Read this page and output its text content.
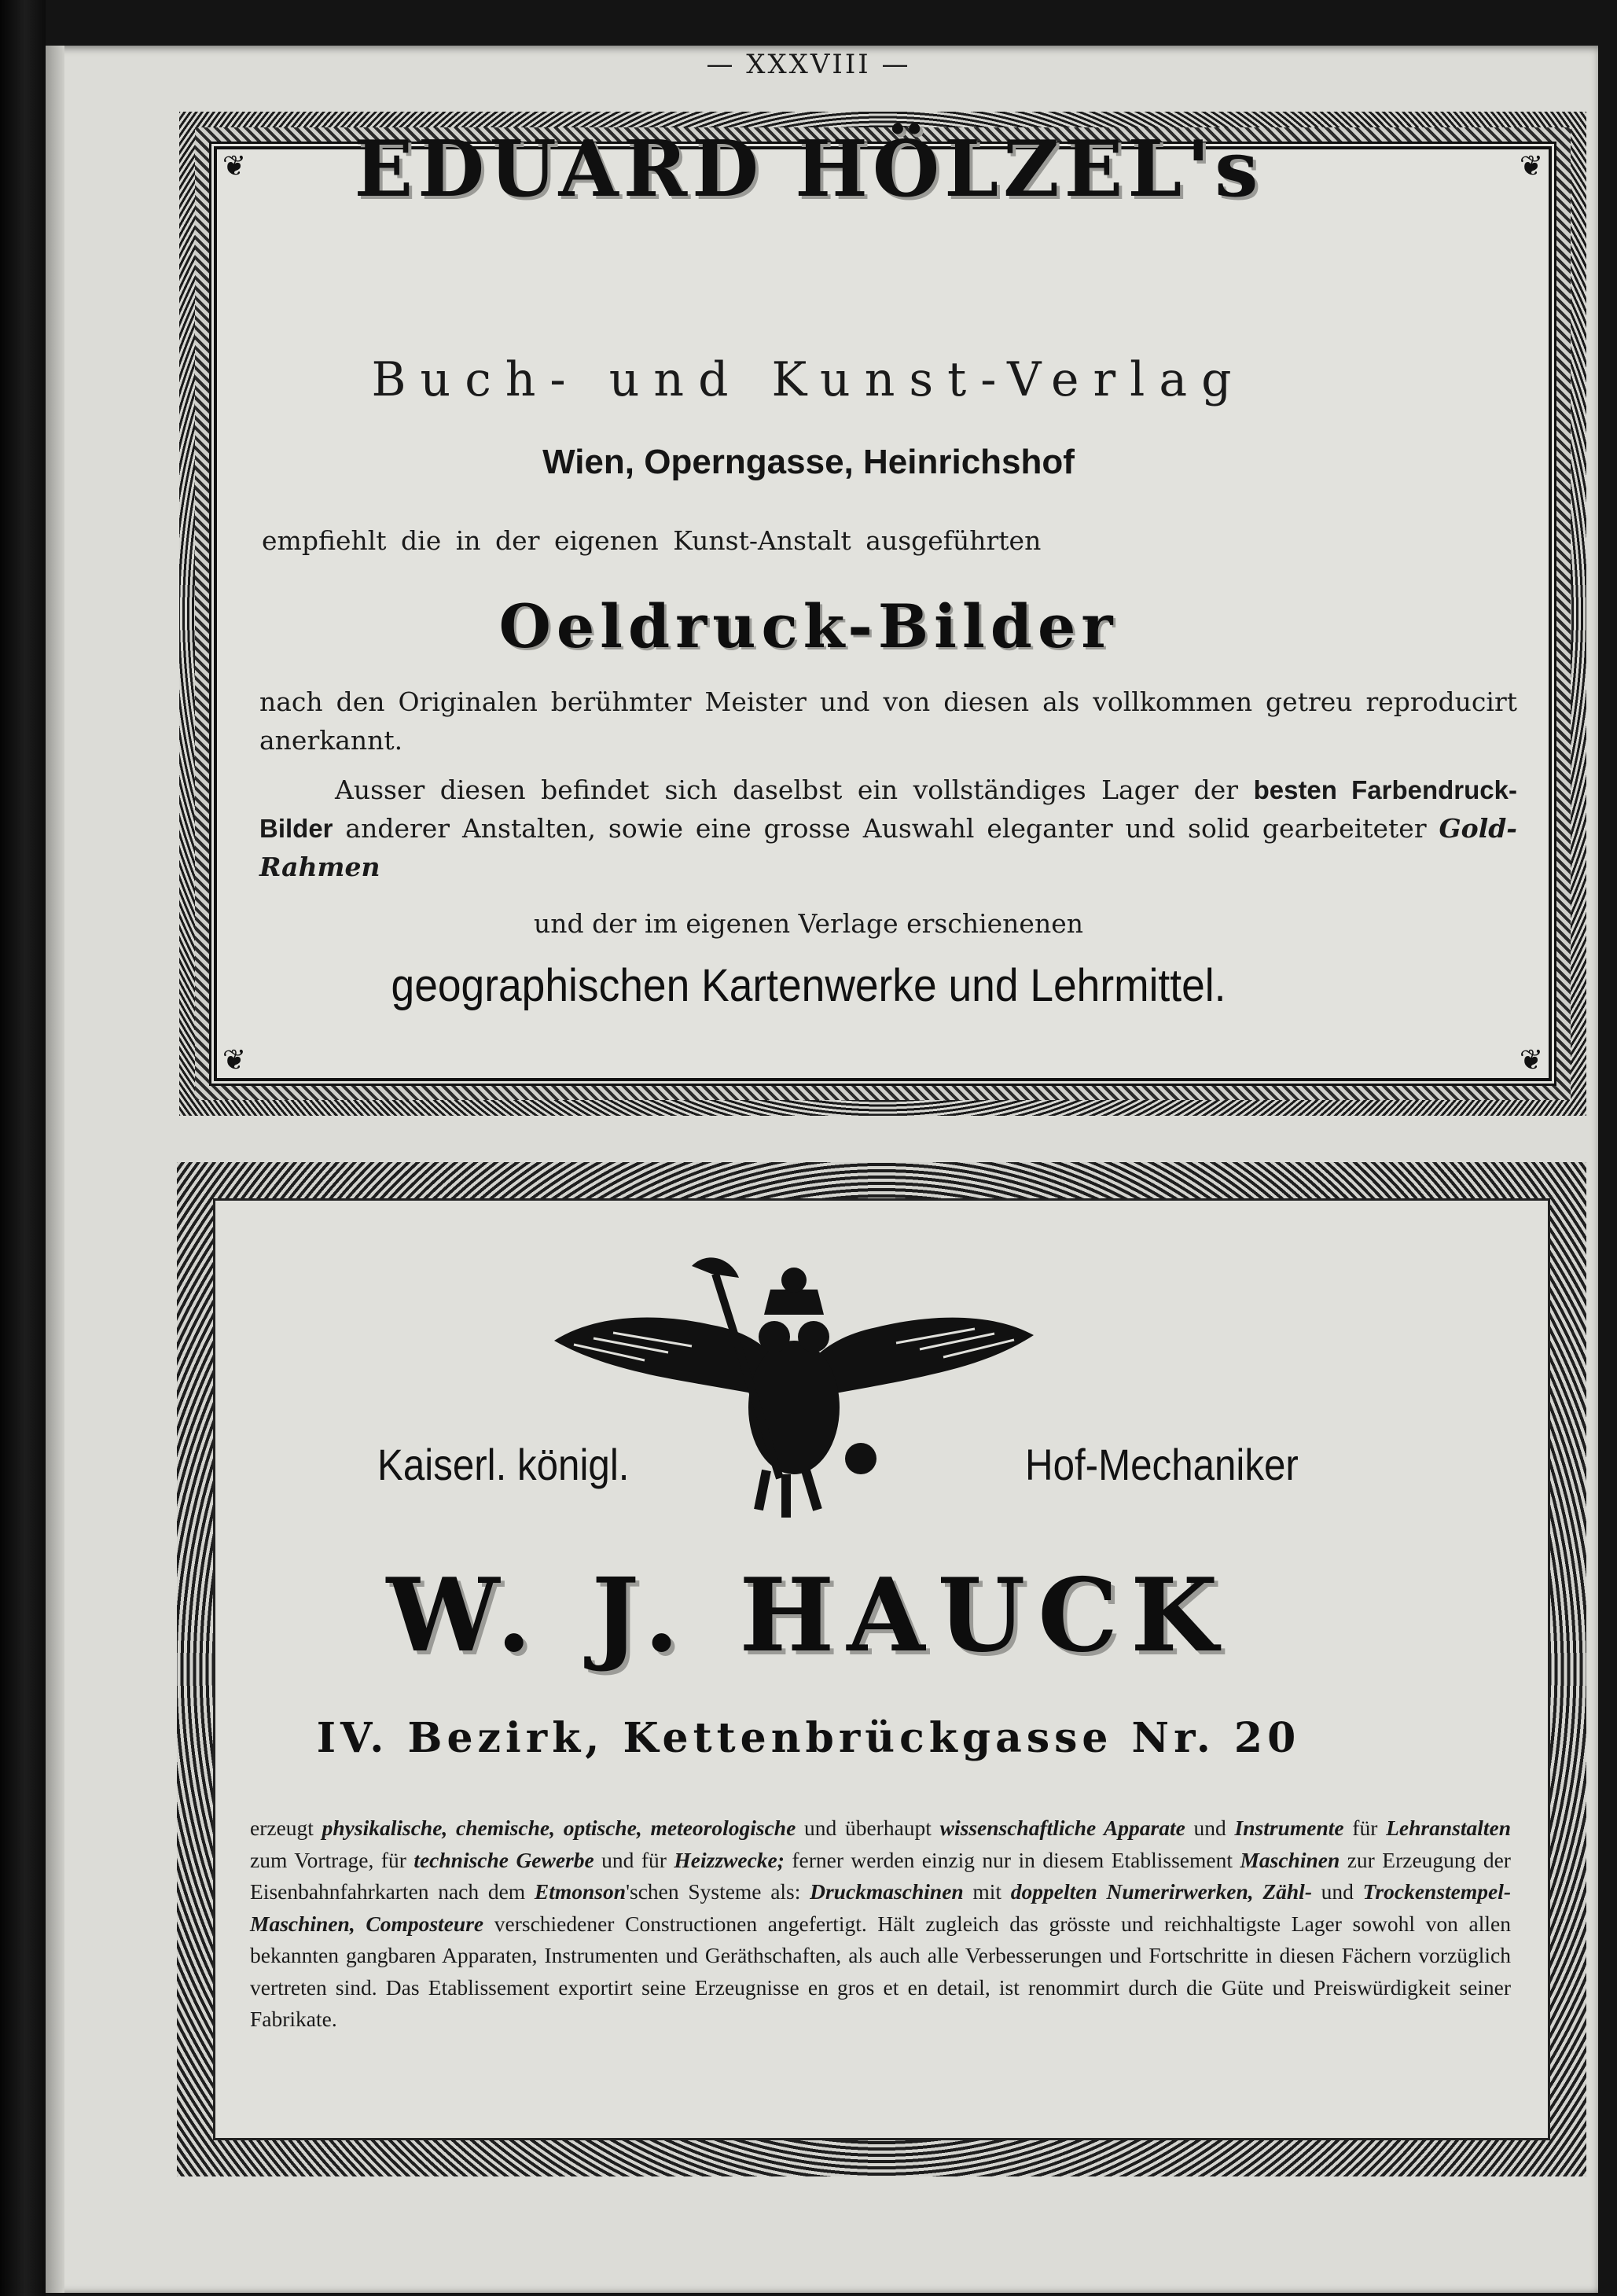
— XXXVIII —
❦	❦
❦	❦
EDUARD HÖLZEL's
Buch- und Kunst-Verlag
Wien, Operngasse, Heinrichshof
empfiehlt die in der eigenen Kunst-Anstalt ausgeführten
Oeldruck-Bilder
nach den Originalen berühmter Meister und von diesen als vollkommen getreu reproducirt anerkannt.
Ausser diesen befindet sich daselbst ein vollständiges Lager der besten Farbendruck-Bilder anderer Anstalten, sowie eine grosse Auswahl eleganter und solid gearbeiteter Gold-Rahmen
und der im eigenen Verlage erschienenen
geographischen Kartenwerke und Lehrmittel.
Kaiserl. königl.	Hof-Mechaniker
W. J. HAUCK
IV. Bezirk, Kettenbrückgasse Nr. 20
erzeugt physikalische, chemische, optische, meteorologische und überhaupt wissenschaftliche Apparate und Instrumente für Lehranstalten zum Vortrage, für technische Gewerbe und für Heizzwecke; ferner werden einzig nur in diesem Etablissement Maschinen zur Erzeugung der Eisenbahnfahrkarten nach dem Etmonson'schen Systeme als: Druckmaschinen mit doppelten Numerirwerken, Zähl- und Trockenstempel-Maschinen, Composteure verschiedener Constructionen angefertigt. Hält zugleich das grösste und reichhaltigste Lager sowohl von allen bekannten gangbaren Apparaten, Instrumenten und Geräthschaften, als auch alle Verbesserungen und Fortschritte in diesen Fächern vorzüglich vertreten sind. Das Etablissement exportirt seine Erzeugnisse en gros et en detail, ist renommirt durch die Güte und Preiswürdigkeit seiner Fabrikate.
